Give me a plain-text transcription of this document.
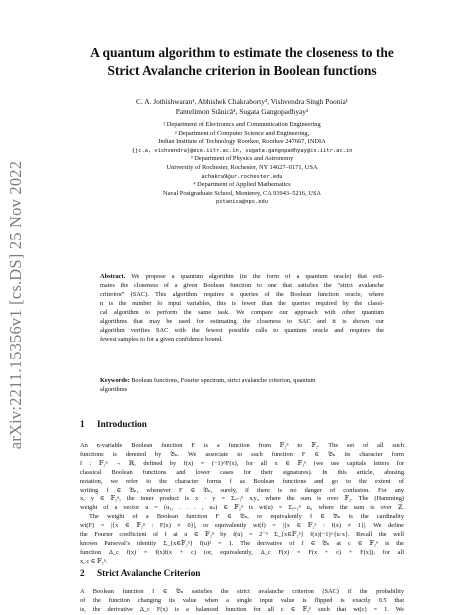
arXiv:2211.15356v1 [cs.DS] 25 Nov 2022
A quantum algorithm to estimate the closeness to the
Strict Avalanche criterion in Boolean functions
C. A. Jothishwaran¹, Abhishek Chakraborty³, Vishvendra Singh Poonia¹
Pantelimon Stănică⁴, Sugata Gangopadhyay²
¹ Department of Electronics and Communication Engineering
² Department of Computer Science and Engineering,
Indian Institute of Technology Roorkee, Roorkee 247667, INDIA
{jc.a, vishvendra}@ece.iitr.ac.in, sugata.gangopadhyay@cs.iitr.ac.in
³ Department of Physics and Astronomy
University of Rochester, Rochester, NY 14627–0171, USA
achakra9@ur.rochester.edu
⁴ Department of Applied Mathematics
Naval Postgraduate School, Monterey, CA 93943–5216, USA
pstanica@nps.edu
Abstract. We propose a quantum algorithm (in the form of a quantum oracle) that esti-
mates the closeness of a given Boolean function to one that satisfies the “strict avalanche
criterion” (SAC). This algorithm requires n queries of the Boolean function oracle, where
n is the number fo input variables, this is fewer than the queries required by the classi-
cal algorithm to perform the same task. We compare our approach with other quantum
algorithms that may be used for estimating the closeness to SAC and it is shown our
algorithm verifies SAC with the fewest possible calls to quantum oracle and requires the
fewest samples to for a given confidence bound.
Keywords: Boolean functions, Fourier spectrum, strict avalanche criterion, quantum
algorithms
1 Introduction
An n-variable Boolean function F is a function from 𝔽₂ⁿ to 𝔽₂. The set of all such
functions is denoted by 𝔅ₙ. We associate to each function F ∈ 𝔅ₙ its character form
f : 𝔽₂ⁿ → ℝ, defined by f(x) = (−1)^F(x), for all x ∈ 𝔽₂ⁿ (we use capitals letters for
classical Boolean functions and lower cases for their signatures). In this article, abusing
notation, we refer to the character forms f as Boolean functions and go to the extent of
writing f ∈ 𝔅ₙ, whenever F ∈ 𝔅ₙ, surely, if there is no danger of confusion. For any
x, y ∈ 𝔽₂ⁿ, the inner product is x · y = Σᵢ₌₁ⁿ xᵢyᵢ, where the sum is over 𝔽₂. The (Hamming)
weight of a vector u = (u₁, . . . , uₙ) ∈ 𝔽₂ⁿ is wt(u) = Σᵢ₌₁ⁿ uᵢ, where the sum is over ℤ.
The weight of a Boolean function F ∈ 𝔅ₙ, or equivalently f ∈ 𝔅ₙ is the cardinality
wt(F) = |{x ∈ 𝔽₂ⁿ : F(x) ≠ 0}|, or equivalently wt(f) = |{x ∈ 𝔽₂ⁿ : f(x) ≠ 1}|. We define
the Fourier coefficient of f at u ∈ 𝔽₂ⁿ by f̂(u) = 2⁻ⁿ Σ_{x∈𝔽₂ⁿ} f(x)(−1)^{u·x}. Recall the well
known Parseval’s identity Σ_{x∈𝔽₂ⁿ} f̂(u)² = 1. The derivative of f ∈ 𝔅ₙ at c ∈ 𝔽₂ⁿ is the
function Δ_c f(x) = f(x)f(x + c) (or, equivalently, Δ_c F(x) = F(x + c) + F(x)), for all
x, c ∈ 𝔽₂ⁿ.
2 Strict Avalanche Criterion
A Boolean function f ∈ 𝔅ₙ satisfies the strict avalanche criterion (SAC) if the probability
of the function changing its value when a single input value is flipped is exactly 0.5 that
is, the derivative Δ_c F(x) is a balanced function for all c ∈ 𝔽₂ⁿ such that wt(c) = 1. We
